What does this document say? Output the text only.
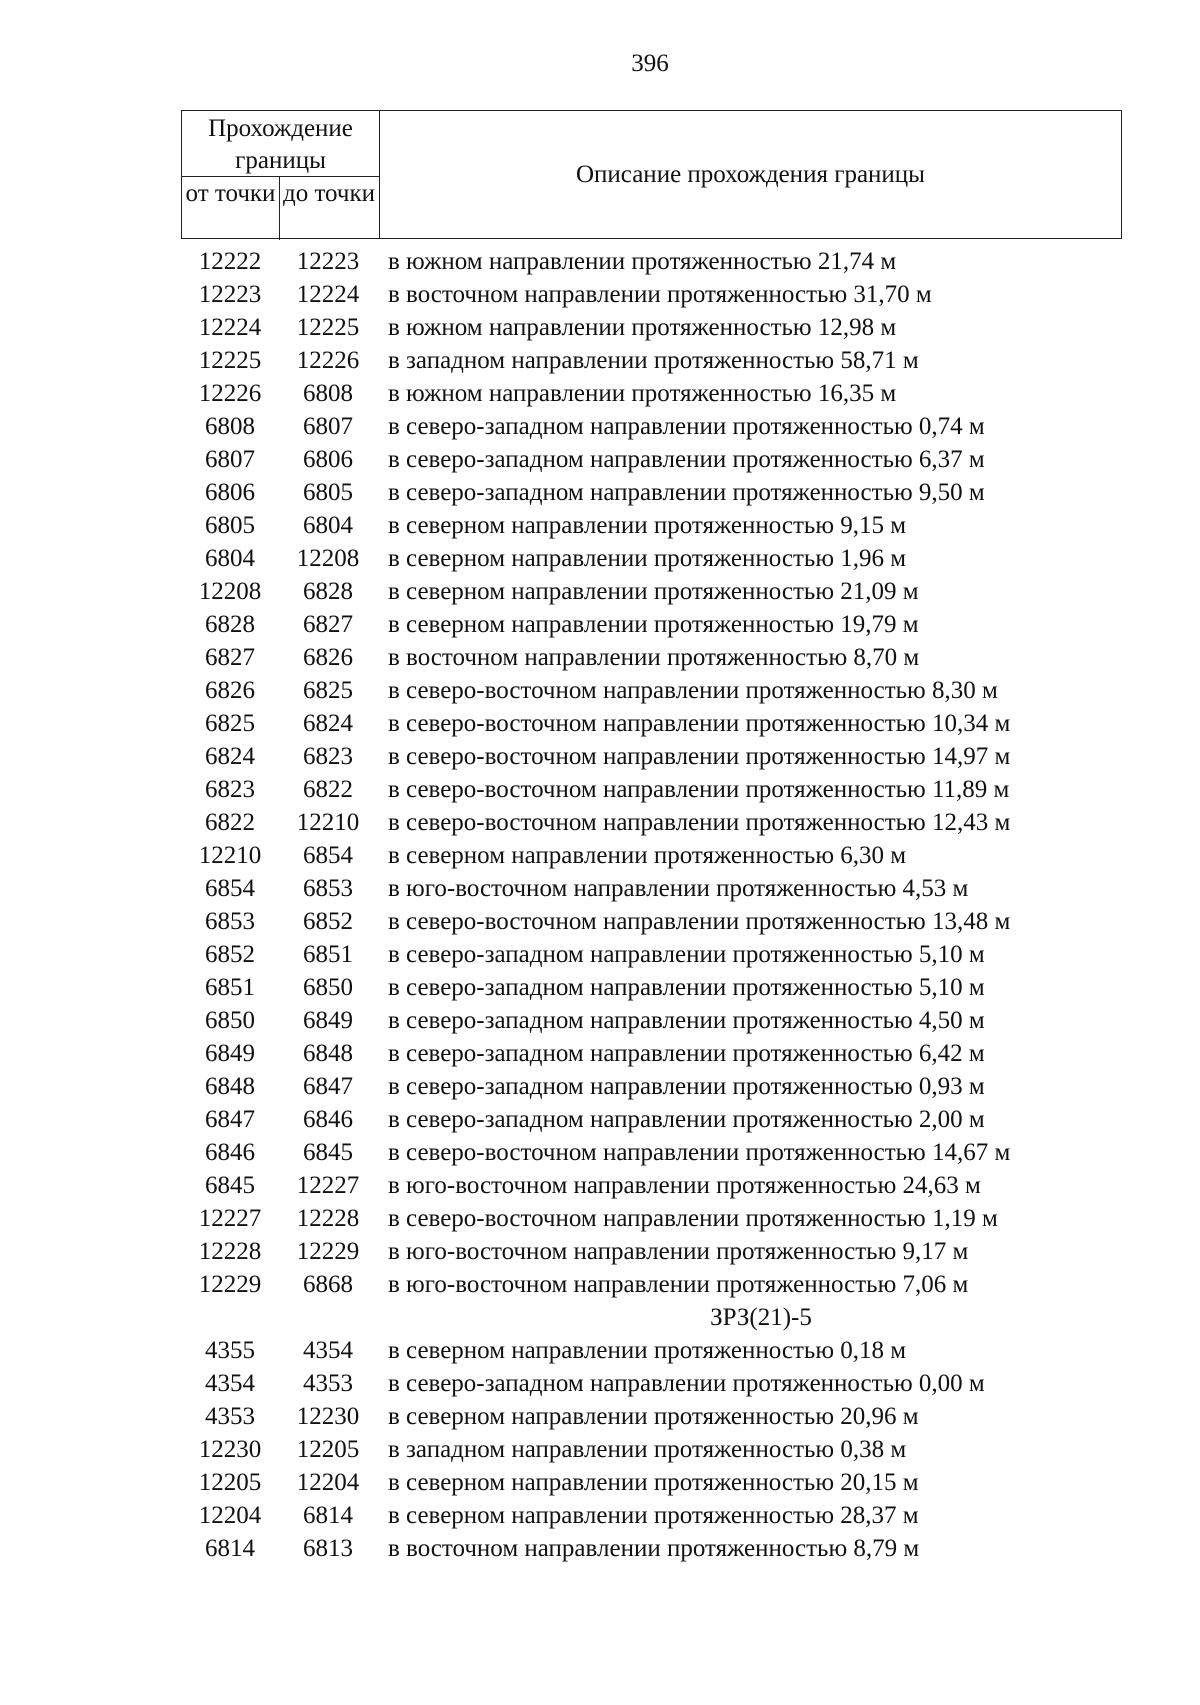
396
Прохождение границы
от точки до точки
Описание прохождения границы
12222	12223	в южном направлении протяженностью 21,74 м
12223	12224	в восточном направлении протяженностью 31,70 м
12224	12225	в южном направлении протяженностью 12,98 м
12225	12226	в западном направлении протяженностью 58,71 м
12226	6808	в южном направлении протяженностью 16,35 м
6808	6807	в северо-западном направлении протяженностью 0,74 м
6807	6806	в северо-западном направлении протяженностью 6,37 м
6806	6805	в северо-западном направлении протяженностью 9,50 м
6805	6804	в северном направлении протяженностью 9,15 м
6804	12208	в северном направлении протяженностью 1,96 м
12208	6828	в северном направлении протяженностью 21,09 м
6828	6827	в северном направлении протяженностью 19,79 м
6827	6826	в восточном направлении протяженностью 8,70 м
6826	6825	в северо-восточном направлении протяженностью 8,30 м
6825	6824	в северо-восточном направлении протяженностью 10,34 м
6824	6823	в северо-восточном направлении протяженностью 14,97 м
6823	6822	в северо-восточном направлении протяженностью 11,89 м
6822	12210	в северо-восточном направлении протяженностью 12,43 м
12210	6854	в северном направлении протяженностью 6,30 м
6854	6853	в юго-восточном направлении протяженностью 4,53 м
6853	6852	в северо-восточном направлении протяженностью 13,48 м
6852	6851	в северо-западном направлении протяженностью 5,10 м
6851	6850	в северо-западном направлении протяженностью 5,10 м
6850	6849	в северо-западном направлении протяженностью 4,50 м
6849	6848	в северо-западном направлении протяженностью 6,42 м
6848	6847	в северо-западном направлении протяженностью 0,93 м
6847	6846	в северо-западном направлении протяженностью 2,00 м
6846	6845	в северо-восточном направлении протяженностью 14,67 м
6845	12227	в юго-восточном направлении протяженностью 24,63 м
12227	12228	в северо-восточном направлении протяженностью 1,19 м
12228	12229	в юго-восточном направлении протяженностью 9,17 м
12229	6868	в юго-восточном направлении протяженностью 7,06 м
ЗРЗ(21)-5
4355	4354	в северном направлении протяженностью 0,18 м
4354	4353	в северо-западном направлении протяженностью 0,00 м
4353	12230	в северном направлении протяженностью 20,96 м
12230	12205	в западном направлении протяженностью 0,38 м
12205	12204	в северном направлении протяженностью 20,15 м
12204	6814	в северном направлении протяженностью 28,37 м
6814	6813	в восточном направлении протяженностью 8,79 м
